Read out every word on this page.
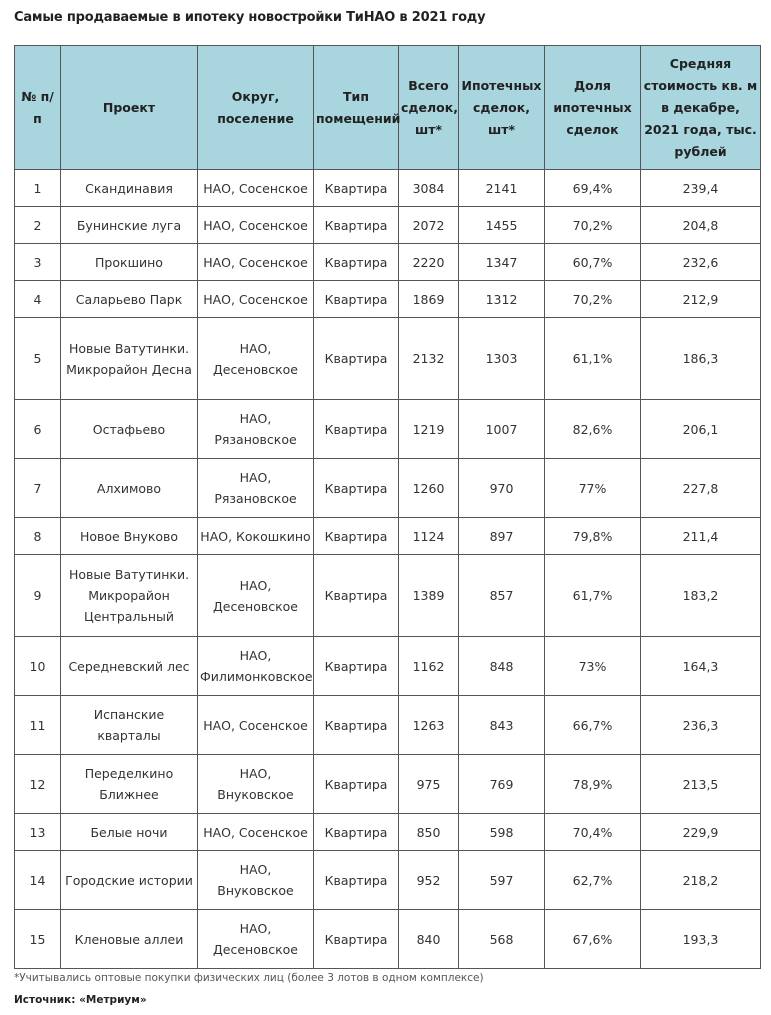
Самые продаваемые в ипотеку новостройки ТиНАО в 2021 году
№ п/п	Проект	Округ, поселение	Тип помещений	Всего сделок, шт*	Ипотечных сделок, шт*	Доля ипотечных сделок	Средняя стоимость кв. м в декабре, 2021 года, тыс. рублей
1	Скандинавия	НАО, Сосенское	Квартира	3084	2141	69,4%	239,4
2	Бунинские луга	НАО, Сосенское	Квартира	2072	1455	70,2%	204,8
3	Прокшино	НАО, Сосенское	Квартира	2220	1347	60,7%	232,6
4	Саларьево Парк	НАО, Сосенское	Квартира	1869	1312	70,2%	212,9
5	Новые Ватутинки. Микрорайон Десна	НАО, Десеновское	Квартира	2132	1303	61,1%	186,3
6	Остафьево	НАО, Рязановское	Квартира	1219	1007	82,6%	206,1
7	Алхимово	НАО, Рязановское	Квартира	1260	970	77%	227,8
8	Новое Внуково	НАО, Кокошкино	Квартира	1124	897	79,8%	211,4
9	Новые Ватутинки. Микрорайон Центральный	НАО, Десеновское	Квартира	1389	857	61,7%	183,2
10	Середневский лес	НАО, Филимонковское	Квартира	1162	848	73%	164,3
11	Испанские кварталы	НАО, Сосенское	Квартира	1263	843	66,7%	236,3
12	Переделкино Ближнее	НАО, Внуковское	Квартира	975	769	78,9%	213,5
13	Белые ночи	НАО, Сосенское	Квартира	850	598	70,4%	229,9
14	Городские истории	НАО, Внуковское	Квартира	952	597	62,7%	218,2
15	Кленовые аллеи	НАО, Десеновское	Квартира	840	568	67,6%	193,3
*Учитывались оптовые покупки физических лиц (более 3 лотов в одном комплексе)
Источник: «Метриум»
